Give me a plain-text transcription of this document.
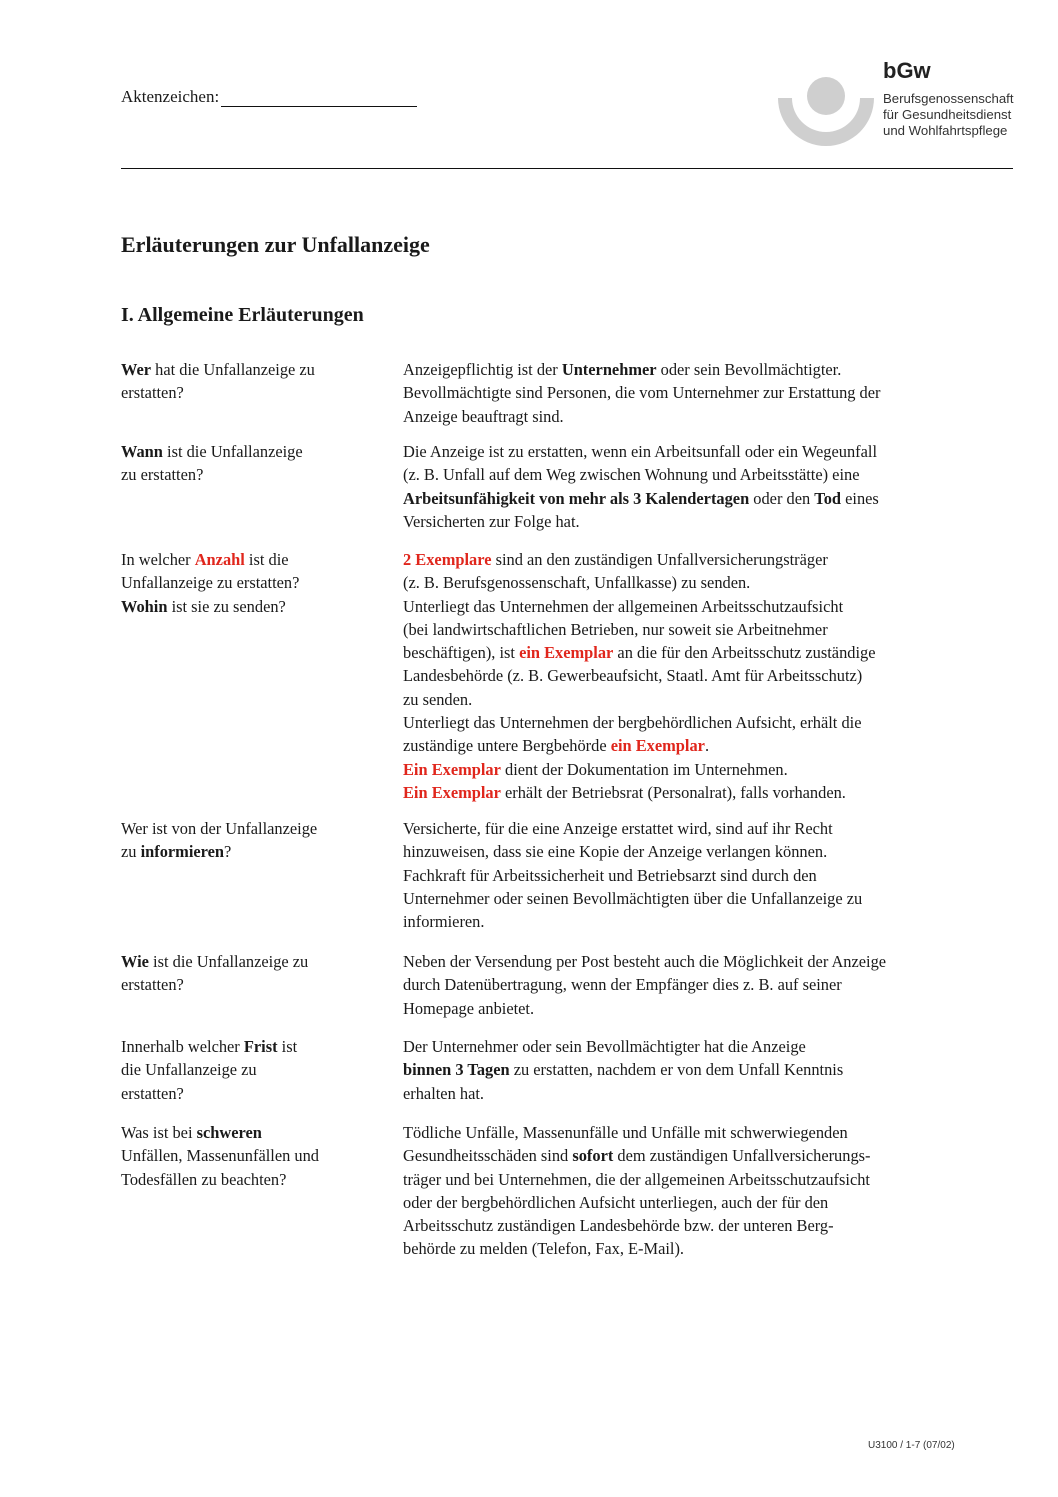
Aktenzeichen:
bGw
Berufsgenossenschaft
für Gesundheitsdienst
und Wohlfahrtspflege
Erläuterungen zur Unfallanzeige
I. Allgemeine Erläuterungen
Wer hat die Unfallanzeige zu
erstatten?
Anzeigepflichtig ist der Unternehmer oder sein Bevollmächtigter.
Bevollmächtigte sind Personen, die vom Unternehmer zur Erstattung der
Anzeige beauftragt sind.
Wann ist die Unfallanzeige
zu erstatten?
Die Anzeige ist zu erstatten, wenn ein Arbeitsunfall oder ein Wegeunfall
(z. B. Unfall auf dem Weg zwischen Wohnung und Arbeitsstätte) eine
Arbeitsunfähigkeit von mehr als 3 Kalendertagen oder den Tod eines
Versicherten zur Folge hat.
In welcher Anzahl ist die
Unfallanzeige zu erstatten?
Wohin ist sie zu senden?
2 Exemplare sind an den zuständigen Unfallversicherungsträger
(z. B. Berufsgenossenschaft, Unfallkasse) zu senden.
Unterliegt das Unternehmen der allgemeinen Arbeitsschutzaufsicht
(bei landwirtschaftlichen Betrieben, nur soweit sie Arbeitnehmer
beschäftigen), ist ein Exemplar an die für den Arbeitsschutz zuständige
Landesbehörde (z. B. Gewerbeaufsicht, Staatl. Amt für Arbeitsschutz)
zu senden.
Unterliegt das Unternehmen der bergbehördlichen Aufsicht, erhält die
zuständige untere Bergbehörde ein Exemplar.
Ein Exemplar dient der Dokumentation im Unternehmen.
Ein Exemplar erhält der Betriebsrat (Personalrat), falls vorhanden.
Wer ist von der Unfallanzeige
zu informieren?
Versicherte, für die eine Anzeige erstattet wird, sind auf ihr Recht
hinzuweisen, dass sie eine Kopie der Anzeige verlangen können.
Fachkraft für Arbeitssicherheit und Betriebsarzt sind durch den
Unternehmer oder seinen Bevollmächtigten über die Unfallanzeige zu
informieren.
Wie ist die Unfallanzeige zu
erstatten?
Neben der Versendung per Post besteht auch die Möglichkeit der Anzeige
durch Datenübertragung, wenn der Empfänger dies z. B. auf seiner
Homepage anbietet.
Innerhalb welcher Frist ist
die Unfallanzeige zu
erstatten?
Der Unternehmer oder sein Bevollmächtigter hat die Anzeige
binnen 3 Tagen zu erstatten, nachdem er von dem Unfall Kenntnis
erhalten hat.
Was ist bei schweren
Unfällen, Massenunfällen und
Todesfällen zu beachten?
Tödliche Unfälle, Massenunfälle und Unfälle mit schwerwiegenden
Gesundheitsschäden sind sofort dem zuständigen Unfallversicherungs-
träger und bei Unternehmen, die der allgemeinen Arbeitsschutzaufsicht
oder der bergbehördlichen Aufsicht unterliegen, auch der für den
Arbeitsschutz zuständigen Landesbehörde bzw. der unteren Berg-
behörde zu melden (Telefon, Fax, E-Mail).
U3100 / 1-7 (07/02)
